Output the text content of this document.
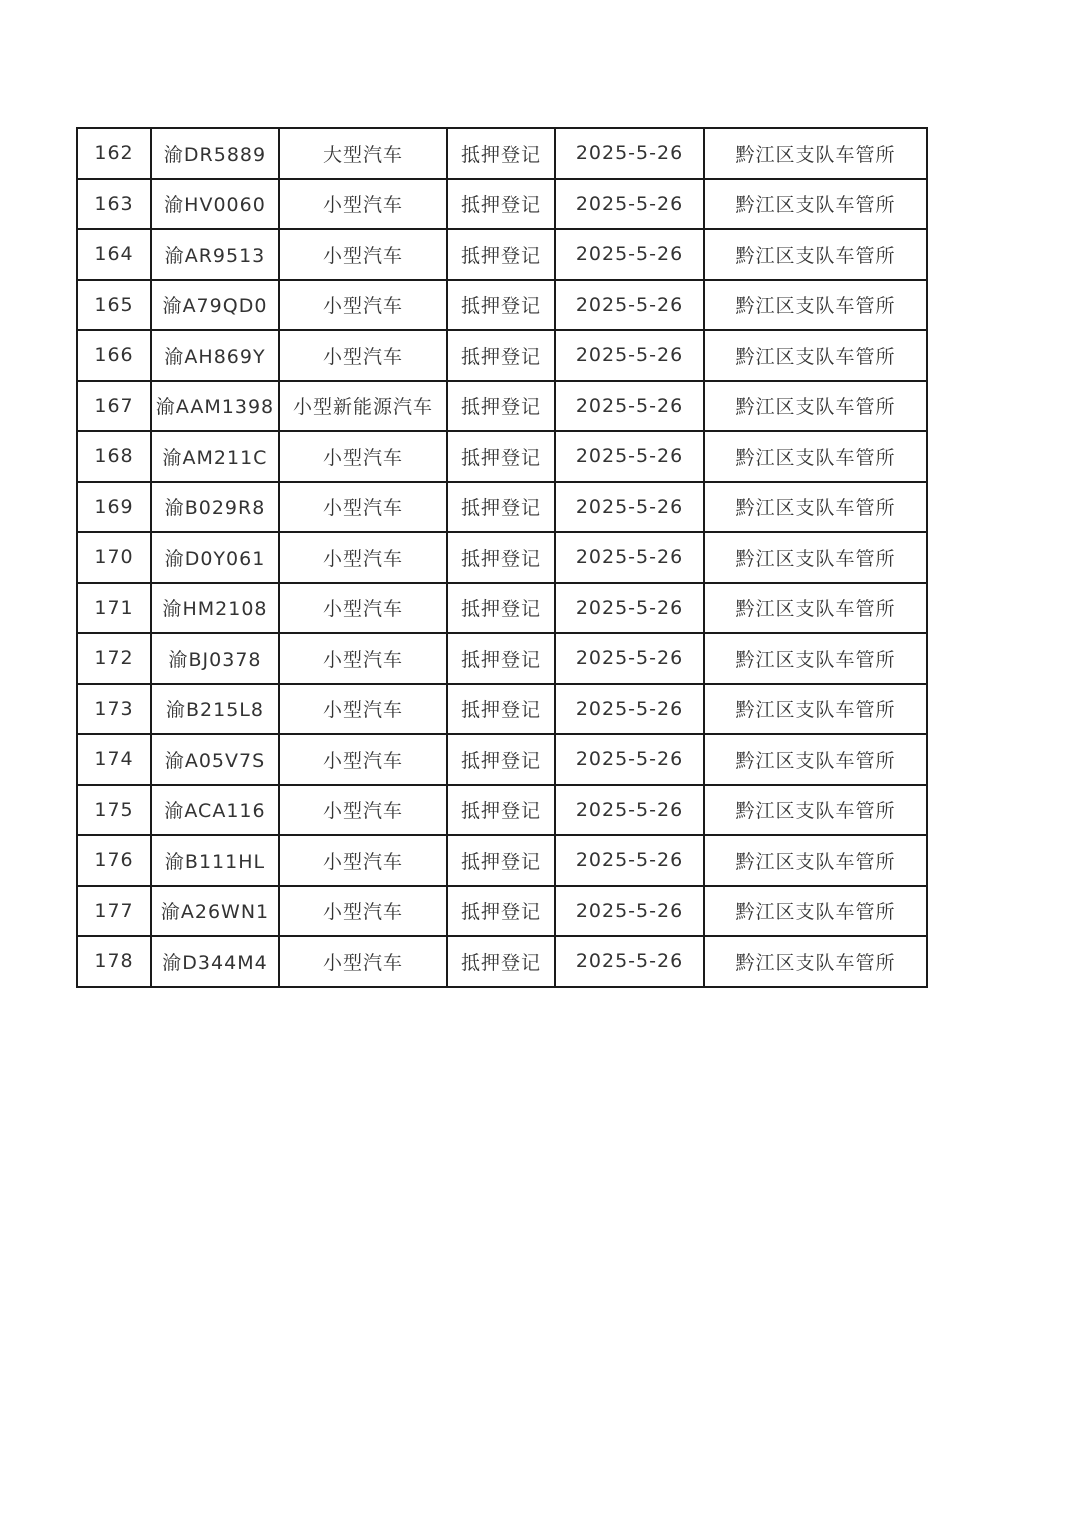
162	渝DR5889	大型汽车	抵押登记	2025-5-26	黔江区支队车管所
163	渝HV0060	小型汽车	抵押登记	2025-5-26	黔江区支队车管所
164	渝AR9513	小型汽车	抵押登记	2025-5-26	黔江区支队车管所
165	渝A79QD0	小型汽车	抵押登记	2025-5-26	黔江区支队车管所
166	渝AH869Y	小型汽车	抵押登记	2025-5-26	黔江区支队车管所
167	渝AAM1398	小型新能源汽车	抵押登记	2025-5-26	黔江区支队车管所
168	渝AM211C	小型汽车	抵押登记	2025-5-26	黔江区支队车管所
169	渝B029R8	小型汽车	抵押登记	2025-5-26	黔江区支队车管所
170	渝D0Y061	小型汽车	抵押登记	2025-5-26	黔江区支队车管所
171	渝HM2108	小型汽车	抵押登记	2025-5-26	黔江区支队车管所
172	渝BJ0378	小型汽车	抵押登记	2025-5-26	黔江区支队车管所
173	渝B215L8	小型汽车	抵押登记	2025-5-26	黔江区支队车管所
174	渝A05V7S	小型汽车	抵押登记	2025-5-26	黔江区支队车管所
175	渝ACA116	小型汽车	抵押登记	2025-5-26	黔江区支队车管所
176	渝B111HL	小型汽车	抵押登记	2025-5-26	黔江区支队车管所
177	渝A26WN1	小型汽车	抵押登记	2025-5-26	黔江区支队车管所
178	渝D344M4	小型汽车	抵押登记	2025-5-26	黔江区支队车管所
